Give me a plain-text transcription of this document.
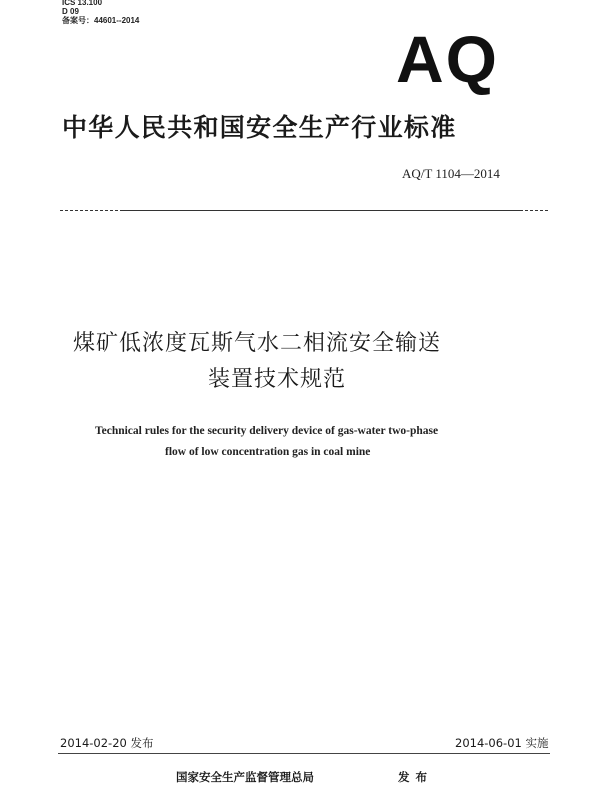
ICS 13.100
D 09
备案号：44601--2014
AQ
中华人民共和国安全生产行业标准
AQ/T 1104—2014
煤矿低浓度瓦斯气水二相流安全输送
装置技术规范
Technical rules for the security delivery device of gas-water two-phase
flow of low concentration gas in coal mine
2014-02-20 发布	2014-06-01 实施
国家安全生产监督管理总局	发布
